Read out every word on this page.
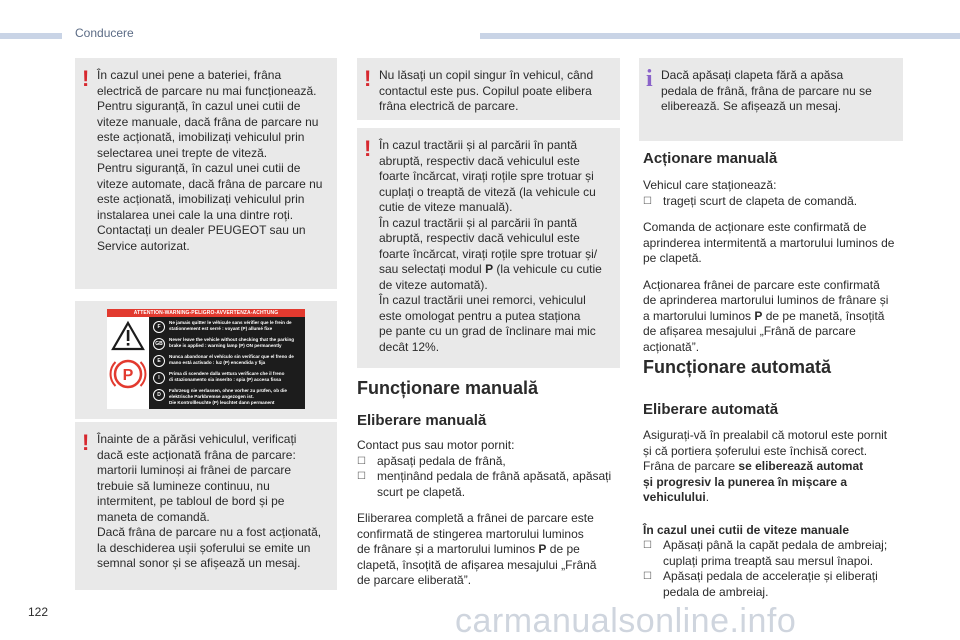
Conducere
! În cazul unei pene a bateriei, frâna
electrică de parcare nu mai funcționează.
Pentru siguranță, în cazul unei cutii de
viteze manuale, dacă frâna de parcare nu
este acționată, imobilizați vehiculul prin
selectarea unei trepte de viteză.
Pentru siguranță, în cazul unei cutii de
viteze automate, dacă frâna de parcare nu
este acționată, imobilizați vehiculul prin
instalarea unei cale la una dintre roți.
Contactați un dealer PEUGEOT sau un
Service autorizat.

ATTENTION-WARNING-PELIGRO-AVVERTENZA-ACHTUNG
P
F
Ne jamais quitter le véhicule sans vérifier que le frein de
stationnement est serré : voyant (P) allumé fixe
GB
Never leave the vehicle without checking that the parking
brake is applied : warning lamp (P) ON permanently
E
Nunca abandonar el vehículo sin verificar que el freno de
mano está activado : luz (P) encendida y fija
I
Prima di scendere dalla vettura verificare che il freno
di stazionamento sia inserito : spia (P) accesa fissa
D
Fahrzeug nie verlassen, ohne vorher zu prüfen, ob die
elektrische Parkbremse angezogen ist.
Die Kontrollleuchte (P) leuchtet dann permanent
! Înainte de a părăsi vehiculul, verificați
dacă este acționată frâna de parcare:
martorii luminoși ai frânei de parcare
trebuie să lumineze continuu, nu
intermitent, pe tabloul de bord și pe
maneta de comandă.
Dacă frâna de parcare nu a fost acționată,
la deschiderea ușii șoferului se emite un
semnal sonor și se afișează un mesaj.

! Nu lăsați un copil singur în vehicul, când
contactul este pus. Copilul poate elibera
frâna electrică de parcare.

! În cazul tractării și al parcării în pantă
abruptă, respectiv dacă vehiculul este
foarte încărcat, virați roțile spre trotuar și
cuplați o treaptă de viteză (la vehicule cu
cutie de viteze manuală).
În cazul tractării și al parcării în pantă
abruptă, respectiv dacă vehiculul este
foarte încărcat, virați roțile spre trotuar și/
sau selectați modul P (la vehicule cu cutie
de viteze automată).
În cazul tractării unei remorci, vehiculul
este omologat pentru a putea staționa
pe pante cu un grad de înclinare mai mic
decât 12%.

Funcționare manuală
Eliberare manuală

Contact pus sau motor pornit:

☐ apăsați pedala de frână,
☐ menținând pedala de frână apăsată, apăsați
scurt pe clapetă.

Eliberarea completă a frânei de parcare este
confirmată de stingerea martorului luminos
de frânare și a martorului luminos P de pe
clapetă, însoțită de afișarea mesajului „Frână
de parcare eliberată”.

i Dacă apăsați clapeta fără a apăsa
pedala de frână, frâna de parcare nu se
eliberează. Se afișează un mesaj.

Acționare manuală

Vehicul care staționează:

☐ trageți scurt de clapeta de comandă.

Comanda de acționare este confirmată de
aprinderea intermitentă a martorului luminos de
pe clapetă.

Acționarea frânei de parcare este confirmată
de aprinderea martorului luminos de frânare și
a martorului luminos P de pe manetă, însoțită
de afișarea mesajului „Frână de parcare
acționată”.

Funcționare automată
Eliberare automată

Asigurați-vă în prealabil că motorul este pornit
și că portiera șoferului este închisă corect.
Frâna de parcare se eliberează automat
și progresiv la punerea în mișcare a
vehiculului.

În cazul unei cutii de viteze manuale

☐ Apăsați până la capăt pedala de ambreiaj;
cuplați prima treaptă sau mersul înapoi.
☐ Apăsați pedala de accelerație și eliberați
pedala de ambreiaj.
122	carmanualsonline.info
